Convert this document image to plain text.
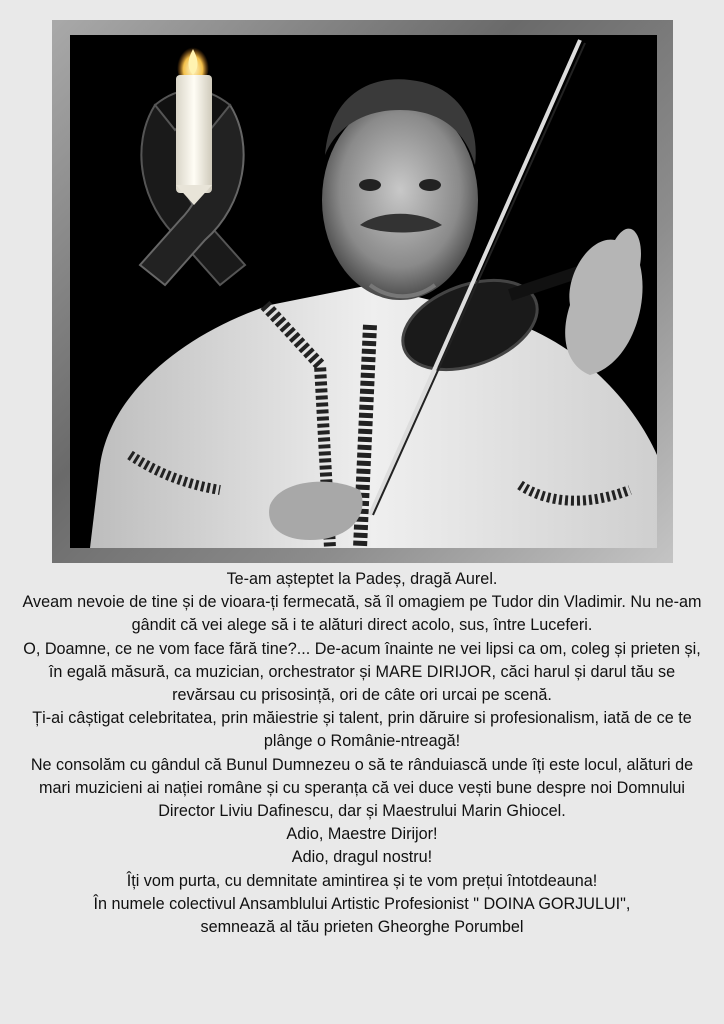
Te-am așteptet la Padeș, dragă Aurel.

Aveam nevoie de tine și de vioara-ți fermecată, să îl omagiem pe Tudor din Vladimir. Nu ne-am gândit că vei alege să i te alături direct acolo, sus, între Luceferi.

O, Doamne, ce ne vom face fără tine?... De-acum înainte ne vei lipsi ca om, coleg și prieten și, în egală măsură, ca muzician, orchestrator și MARE DIRIJOR, căci harul și darul tău se revărsau cu prisosință, ori de câte ori urcai pe scenă.

Ți-ai câștigat celebritatea, prin măiestrie și talent, prin dăruire si profesionalism, iată de ce te plânge o Românie-ntreagă!

Ne consolăm cu gândul că Bunul Dumnezeu o să te rânduiască unde îți este locul, alături de mari muzicieni ai nației române și cu speranța că vei duce vești bune despre noi Domnului Director Liviu Dafinescu, dar și Maestrului Marin Ghiocel.

Adio, Maestre Dirijor!

Adio, dragul nostru!

Îți vom purta, cu demnitate amintirea și te vom prețui întotdeauna!

În numele colectivul Ansamblului Artistic Profesionist " DOINA GORJULUI",

semnează al tău prieten Gheorghe Porumbel
